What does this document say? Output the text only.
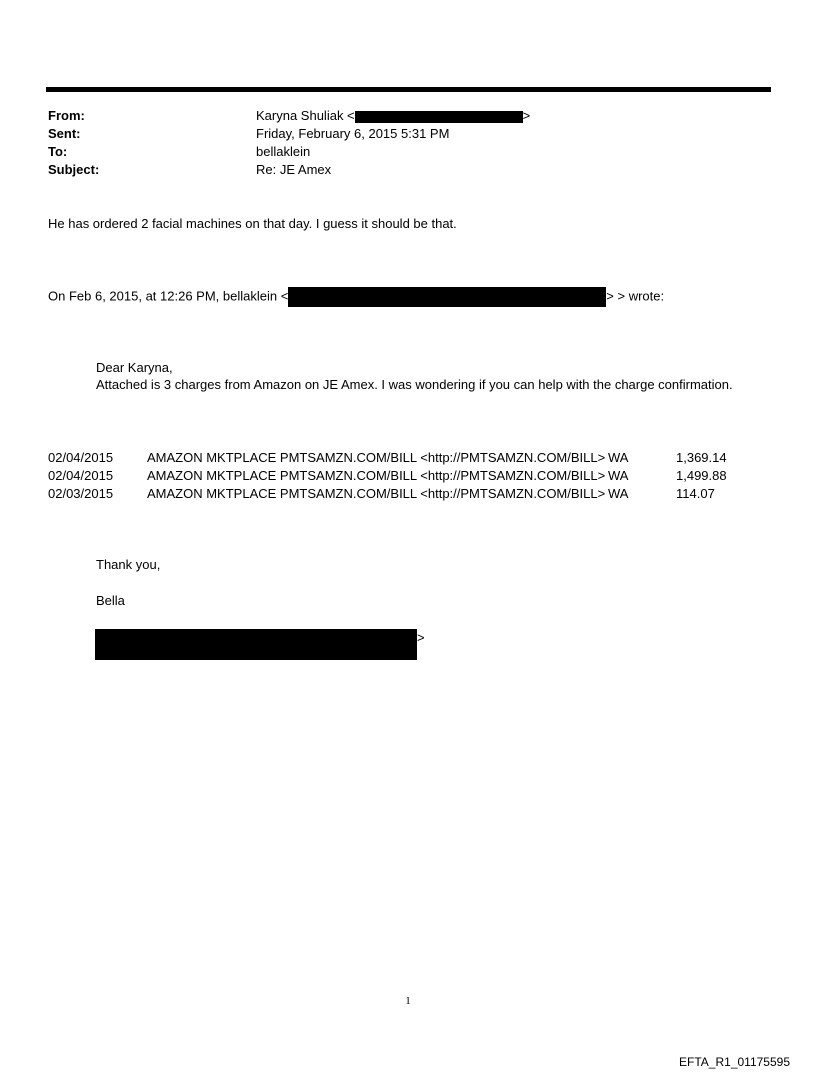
From:	Karyna Shuliak <	>
Sent:	Friday, February 6, 2015 5:31 PM
To:	bellaklein
Subject:	Re: JE Amex
He has ordered 2 facial machines on that day. I guess it should be that.
On Feb 6, 2015, at 12:26 PM, bellaklein <	> > wrote:
Dear Karyna,
Attached is 3 charges from Amazon on JE Amex. I was wondering if you can help with the charge confirmation.
02/04/2015	AMAZON MKTPLACE PMTSAMZN.COM/BILL <http://PMTSAMZN.COM/BILL> WA	1,369.14
02/04/2015	AMAZON MKTPLACE PMTSAMZN.COM/BILL <http://PMTSAMZN.COM/BILL> WA	1,499.88
02/03/2015	AMAZON MKTPLACE PMTSAMZN.COM/BILL <http://PMTSAMZN.COM/BILL> WA	114.07
Thank you,
Bella
>
1
EFTA_R1_01175595
